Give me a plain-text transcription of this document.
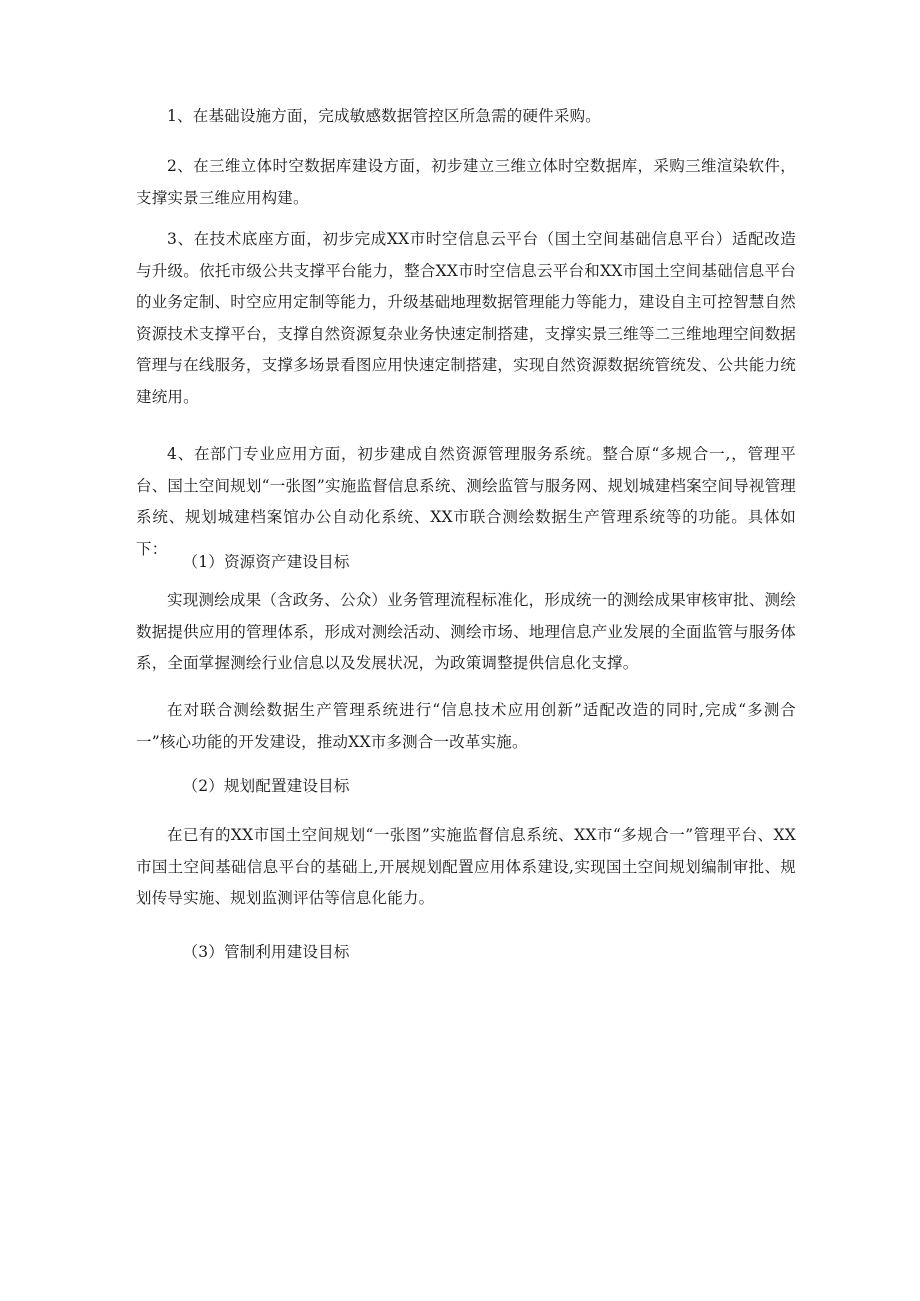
1、在基础设施方面，完成敏感数据管控区所急需的硬件采购。

2、在三维立体时空数据库建设方面，初步建立三维立体时空数据库，采购三维渲染软件，支撑实景三维应用构建。

3、在技术底座方面，初步完成XX市时空信息云平台（国土空间基础信息平台）适配改造与升级。依托市级公共支撑平台能力，整合XX市时空信息云平台和XX市国土空间基础信息平台的业务定制、时空应用定制等能力，升级基础地理数据管理能力等能力，建设自主可控智慧自然资源技术支撑平台，支撑自然资源复杂业务快速定制搭建，支撑实景三维等二三维地理空间数据管理与在线服务，支撑多场景看图应用快速定制搭建，实现自然资源数据统管统发、公共能力统建统用。

4、在部门专业应用方面，初步建成自然资源管理服务系统。整合原“多规合一,，管理平台、国土空间规划“一张图”实施监督信息系统、测绘监管与服务网、规划城建档案空间导视管理系统、规划城建档案馆办公自动化系统、XX市联合测绘数据生产管理系统等的功能。具体如下：

（1）资源资产建设目标

实现测绘成果（含政务、公众）业务管理流程标准化，形成统一的测绘成果审核审批、测绘数据提供应用的管理体系，形成对测绘活动、测绘市场、地理信息产业发展的全面监管与服务体系，全面掌握测绘行业信息以及发展状况，为政策调整提供信息化支撑。

在对联合测绘数据生产管理系统进行“信息技术应用创新”适配改造的同时,完成“多测合一”核心功能的开发建设，推动XX市多测合一改革实施。

（2）规划配置建设目标

在已有的XX市国土空间规划“一张图”实施监督信息系统、XX市“多规合一”管理平台、XX市国土空间基础信息平台的基础上,开展规划配置应用体系建设,实现国土空间规划编制审批、规划传导实施、规划监测评估等信息化能力。

（3）管制利用建设目标
